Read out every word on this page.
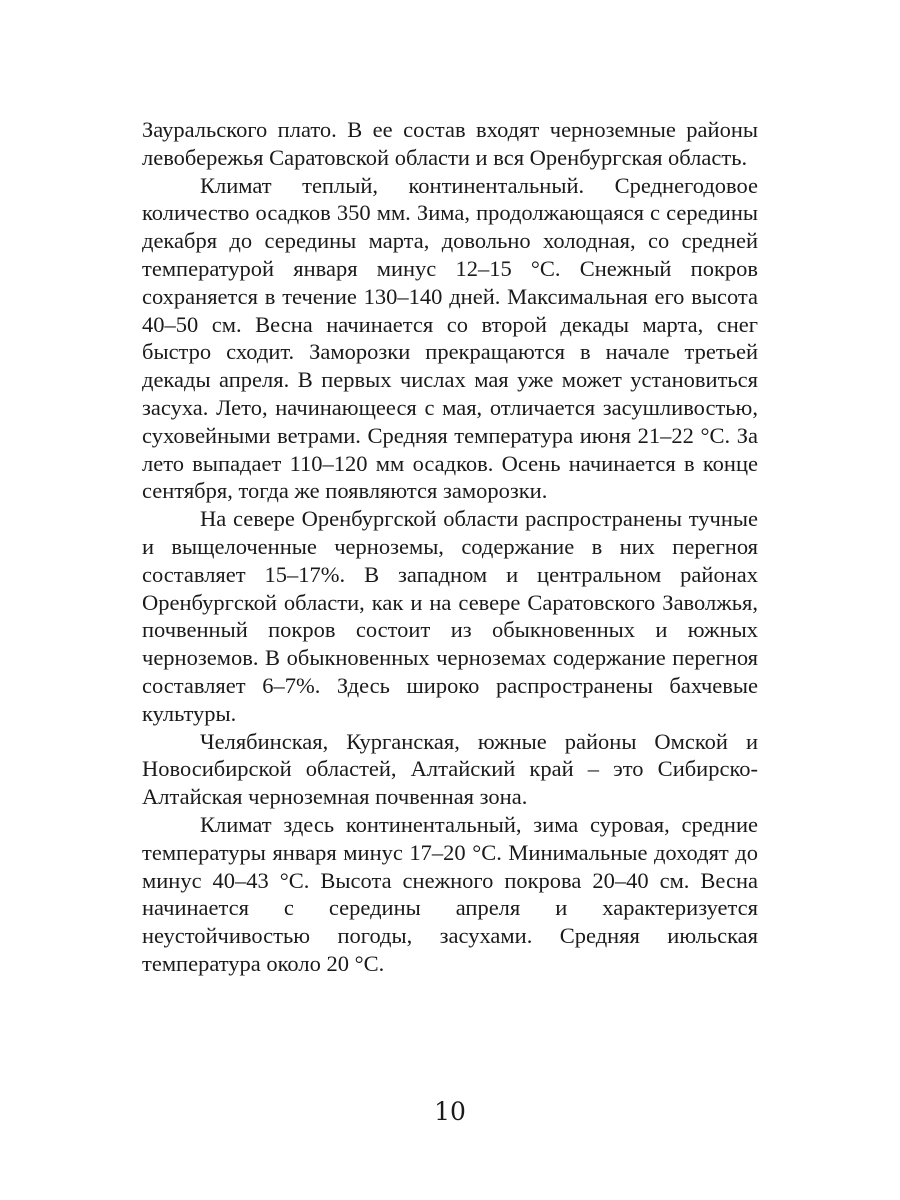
Зауральского плато. В ее состав входят черноземные районы левобережья Саратовской области и вся Оренбургская область.

Климат теплый, континентальный. Среднегодовое количество осадков 350 мм. Зима, продолжающаяся с середины декабря до середины марта, довольно холодная, со средней температурой января минус 12–15 °С. Снежный покров сохраняется в течение 130–140 дней. Максимальная его высота 40–50 см. Весна начинается со второй декады марта, снег быстро сходит. Заморозки прекращаются в начале третьей декады апреля. В первых числах мая уже может установиться засуха. Лето, начинающееся с мая, отличается засушливостью, суховейными ветрами. Средняя температура июня 21–22 °С. За лето выпадает 110–120 мм осадков. Осень начинается в конце сентября, тогда же появляются заморозки.

На севере Оренбургской области распространены тучные и выщелоченные черноземы, содержание в них перегноя составляет 15–17%. В западном и центральном районах Оренбургской области, как и на севере Саратовского Заволжья, почвенный покров состоит из обыкновенных и южных черноземов. В обыкновенных черноземах содержание перегноя составляет 6–7%. Здесь широко распространены бахчевые культуры.

Челябинская, Курганская, южные районы Омской и Новосибирской областей, Алтайский край – это Сибирско-Алтайская черноземная почвенная зона.

Климат здесь континентальный, зима суровая, средние температуры января минус 17–20 °С. Минимальные доходят до минус 40–43 °С. Высота снежного покрова 20–40 см. Весна начинается с середины апреля и характеризуется неустойчивостью погоды, засухами. Средняя июльская температура около 20 °С.

10
